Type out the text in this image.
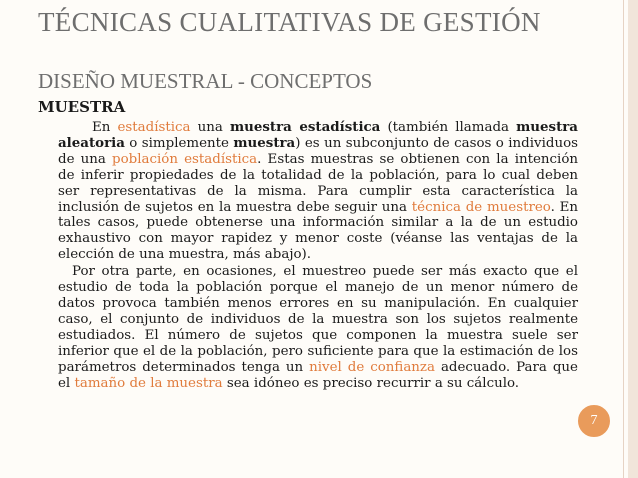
TÉCNICAS CUALITATIVAS DE GESTIÓN
DISEÑO MUESTRAL - CONCEPTOS
MUESTRA

En estadística una muestra estadística (también llamada muestra aleatoria o simplemente muestra) es un subconjunto de casos o individuos de una población estadística. Estas muestras se obtienen con la intención de inferir propiedades de la totalidad de la población, para lo cual deben ser representativas de la misma. Para cumplir esta característica la inclusión de sujetos en la muestra debe seguir una técnica de muestreo. En tales casos, puede obtenerse una información similar a la de un estudio exhaustivo con mayor rapidez y menor coste (véanse las ventajas de la elección de una muestra, más abajo).

Por otra parte, en ocasiones, el muestreo puede ser más exacto que el estudio de toda la población porque el manejo de un menor número de datos provoca también menos errores en su manipulación. En cualquier caso, el conjunto de individuos de la muestra son los sujetos realmente estudiados. El número de sujetos que componen la muestra suele ser inferior que el de la población, pero suficiente para que la estimación de los parámetros determinados tenga un nivel de confianza adecuado. Para que el tamaño de la muestra sea idóneo es preciso recurrir a su cálculo.

7
